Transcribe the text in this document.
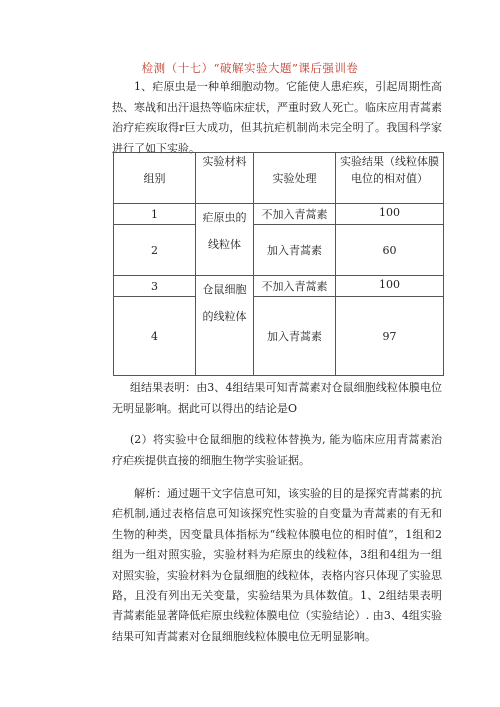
检测（十七）“破解实验大题”课后强训卷

1、疟原虫是一种单细胞动物。它能使人患疟疾，引起周期性高热、寒战和出汗退热等临床症状，严重时致人死亡。临床应用青蒿素治疗疟疾取得r巨大成功，但其抗疟机制尚未完全明了。我国科学家进行了如下实验。

组别	实验材料	实验处理	实验结果（线粒体膜电位的相对值）
1	疟原虫的线粒体	不加入青蒿素	100
2		加入青蒿素	60
3	仓鼠细胞的线粒体	不加入青蒿素	100
4		加入青蒿素	97

组结果表明：由3、4组结果可知青蒿素对仓鼠细胞线粒体膜电位无明显影响。据此可以得出的结论是O

(2）将实验中仓鼠细胞的线粒体替换为, 能为临床应用青蒿素治疗疟疾提供直接的细胞生物学实验证据。

解析：通过题干文字信息可知，该实验的目的是探究青蒿素的抗疟机制,通过表格信息可知该探究性实验的自变量为青蒿素的有无和生物的种类，因变量具体指标为“线粒体膜电位的相时值”，1组和2组为一组对照实验，实验材料为疟原虫的线粒体，3组和4组为一组对照实验，实验材料为仓鼠细胞的线粒体，表格内容只体现了实验思路，且没有列出无关变量，实验结果为具体数值。1、2组结果表明青蒿素能显著降低疟原虫线粒体膜电位（实验结论）. 由3、4组实验结果可知青蒿素对仓鼠细胞线粒体膜电位无明显影响。
